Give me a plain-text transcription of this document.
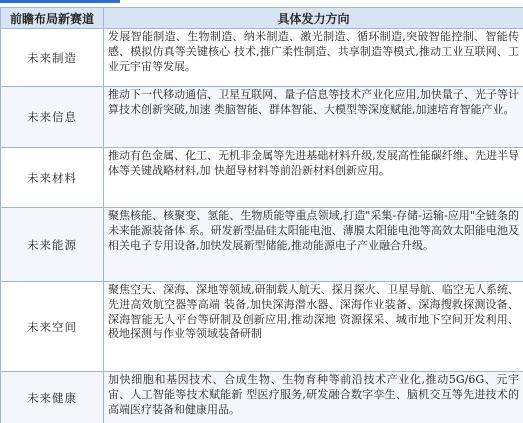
前瞻布局新赛道	具体发力方向
未来制造	发展智能制造、生物制造、纳米制造、激光制造、循环制造,突破智能控制、智能传感、模拟仿真等关键核心 技术,推广柔性制造、共享制造等模式,推动工业互联网、工业元宇宙等发展。
未来信息	推动下一代移动通信、卫星互联网、量子信息等技术产业化应用,加快量子、光子等计算技术创新突破,加速 类脑智能、群体智能、大模型等深度赋能,加速培育智能产业。
未来材料	推动有色金属、化工、无机非金属等先进基础材料升级,发展高性能碳纤维、先进半导体等关键战略材料,加 快超导材料等前沿新材料创新应用。
未来能源	聚焦核能、核聚变、氢能、生物质能等重点领域,打造"采集-存储-运输-应用"全链条的未来能源装备体 系。研发新型晶硅太阳能电池、薄膜太阳能电池等高效太阳能电池及相关电子专用设备,加快发展新型储能,推动能源电子产业融合升级。
未来空间	聚焦空天、深海、深地等领域,研制载人航天、探月探火、卫星导航、临空无人系统、先进高效航空器等高端 装备,加快深海潜水器、深海作业装备、深海搜救探测设备、深海智能无人平台等研制及创新应用,推动深地 资源探采、城市地下空间开发利用、极地探测与作业等领域装备研制
未来健康	加快细胞和基因技术、合成生物、生物育种等前沿技术产业化,推动5G/6G、元宇宙、人工智能等技术赋能新 型医疗服务,研发融合数字孪生、脑机交互等先进技术的高端医疗装备和健康用品。
